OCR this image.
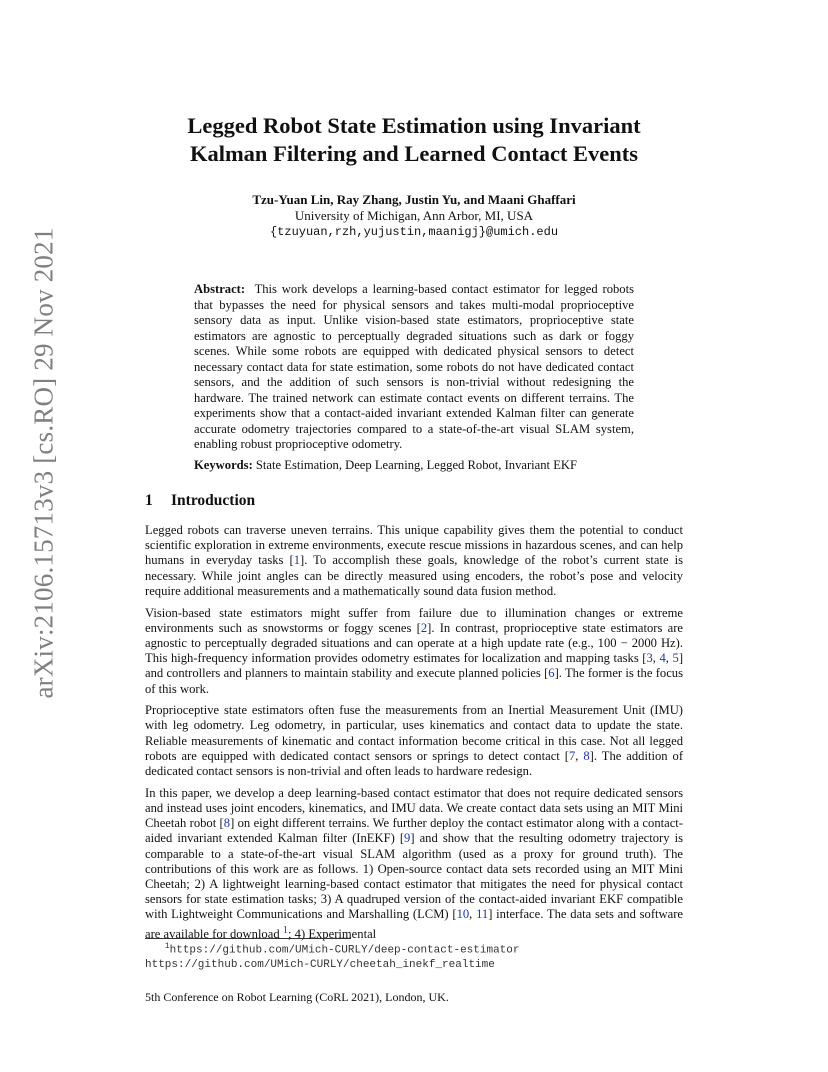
arXiv:2106.15713v3 [cs.RO] 29 Nov 2021
Legged Robot State Estimation using Invariant
Kalman Filtering and Learned Contact Events
Tzu-Yuan Lin, Ray Zhang, Justin Yu, and Maani Ghaffari
University of Michigan, Ann Arbor, MI, USA
{tzuyuan,rzh,yujustin,maanigj}@umich.edu
Abstract: This work develops a learning-based contact estimator for legged robots that bypasses the need for physical sensors and takes multi-modal proprioceptive sensory data as input. Unlike vision-based state estimators, proprioceptive state estimators are agnostic to perceptually degraded situations such as dark or foggy scenes. While some robots are equipped with dedicated physical sensors to detect necessary contact data for state estimation, some robots do not have dedicated contact sensors, and the addition of such sensors is non-trivial without redesigning the hardware. The trained network can estimate contact events on different terrains. The experiments show that a contact-aided invariant extended Kalman filter can generate accurate odometry trajectories compared to a state-of-the-art visual SLAM system, enabling robust proprioceptive odometry.
Keywords: State Estimation, Deep Learning, Legged Robot, Invariant EKF
1 Introduction

Legged robots can traverse uneven terrains. This unique capability gives them the potential to conduct scientific exploration in extreme environments, execute rescue missions in hazardous scenes, and can help humans in everyday tasks [1]. To accomplish these goals, knowledge of the robot’s current state is necessary. While joint angles can be directly measured using encoders, the robot’s pose and velocity require additional measurements and a mathematically sound data fusion method.

Vision-based state estimators might suffer from failure due to illumination changes or extreme environments such as snowstorms or foggy scenes [2]. In contrast, proprioceptive state estimators are agnostic to perceptually degraded situations and can operate at a high update rate (e.g., 100 − 2000 Hz). This high-frequency information provides odometry estimates for localization and mapping tasks [3, 4, 5] and controllers and planners to maintain stability and execute planned policies [6]. The former is the focus of this work.

Proprioceptive state estimators often fuse the measurements from an Inertial Measurement Unit (IMU) with leg odometry. Leg odometry, in particular, uses kinematics and contact data to update the state. Reliable measurements of kinematic and contact information become critical in this case. Not all legged robots are equipped with dedicated contact sensors or springs to detect contact [7, 8]. The addition of dedicated contact sensors is non-trivial and often leads to hardware redesign.

In this paper, we develop a deep learning-based contact estimator that does not require dedicated sensors and instead uses joint encoders, kinematics, and IMU data. We create contact data sets using an MIT Mini Cheetah robot [8] on eight different terrains. We further deploy the contact estimator along with a contact-aided invariant extended Kalman filter (InEKF) [9] and show that the resulting odometry trajectory is comparable to a state-of-the-art visual SLAM algorithm (used as a proxy for ground truth). The contributions of this work are as follows. 1) Open-source contact data sets recorded using an MIT Mini Cheetah; 2) A lightweight learning-based contact estimator that mitigates the need for physical contact sensors for state estimation tasks; 3) A quadruped version of the contact-aided invariant EKF compatible with Lightweight Communications and Marshalling (LCM) [10, 11] interface. The data sets and software are available for download $^1$; 4) Experimental

$^1$https://github.com/UMich-CURLY/deep-contact-estimator
https://github.com/UMich-CURLY/cheetah_inekf_realtime
5th Conference on Robot Learning (CoRL 2021), London, UK.
